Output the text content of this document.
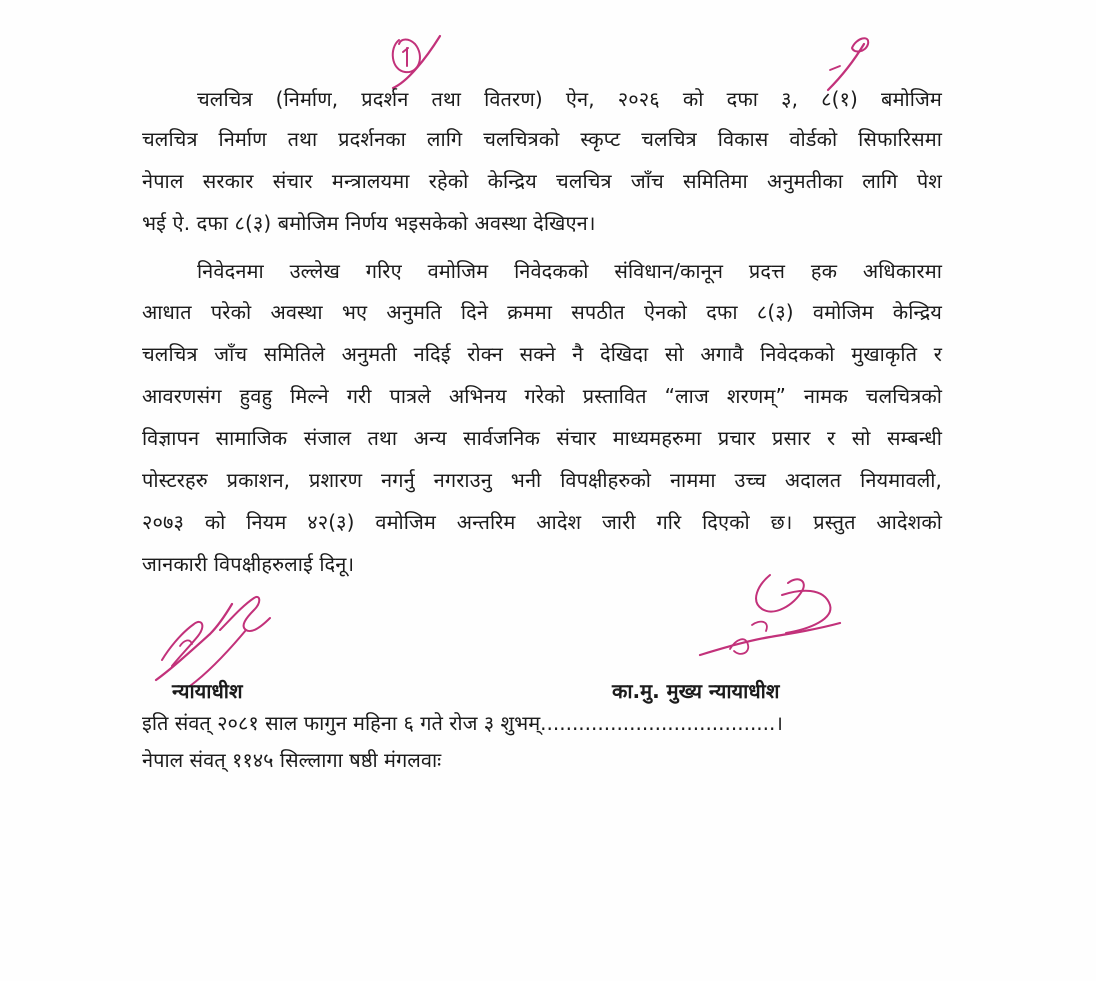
चलचित्र (निर्माण, प्रदर्शन तथा वितरण) ऐन, २०२६ को दफा ३, ८(१) बमोजिम
चलचित्र निर्माण तथा प्रदर्शनका लागि चलचित्रको स्कृप्ट चलचित्र विकास वोर्डको सिफारिसमा
नेपाल सरकार संचार मन्त्रालयमा रहेको केन्द्रिय चलचित्र जाँच समितिमा अनुमतीका लागि पेश
भई ऐ. दफा ८(३) बमोजिम निर्णय भइसकेको अवस्था देखिएन।
निवेदनमा उल्लेख गरिए वमोजिम निवेदकको संविधान/कानून प्रदत्त हक अधिकारमा
आधात परेको अवस्था भए अनुमति दिने क्रममा सपठीत ऐनको दफा ८(३) वमोजिम केन्द्रिय
चलचित्र जाँच समितिले अनुमती नदिई रोक्न सक्ने नै देखिदा सो अगावै निवेदकको मुखाकृति र
आवरणसंग हुवहु मिल्ने गरी पात्रले अभिनय गरेको प्रस्तावित “लाज शरणम्” नामक चलचित्रको
विज्ञापन सामाजिक संजाल तथा अन्य सार्वजनिक संचार माध्यमहरुमा प्रचार प्रसार र सो सम्बन्धी
पोस्टरहरु प्रकाशन, प्रशारण नगर्नु नगराउनु भनी विपक्षीहरुको नाममा उच्च अदालत नियमावली,
२०७३ को नियम ४२(३) वमोजिम अन्तरिम आदेश जारी गरि दिएको छ। प्रस्तुत आदेशको
जानकारी विपक्षीहरुलाई दिनू।
न्यायाधीश	का.मु. मुख्य न्यायाधीश
इति संवत् २०८१ साल फागुन महिना ६ गते रोज ३ शुभम्.....................................।
नेपाल संवत् ११४५ सिल्लागा षष्ठी मंगलवाः
